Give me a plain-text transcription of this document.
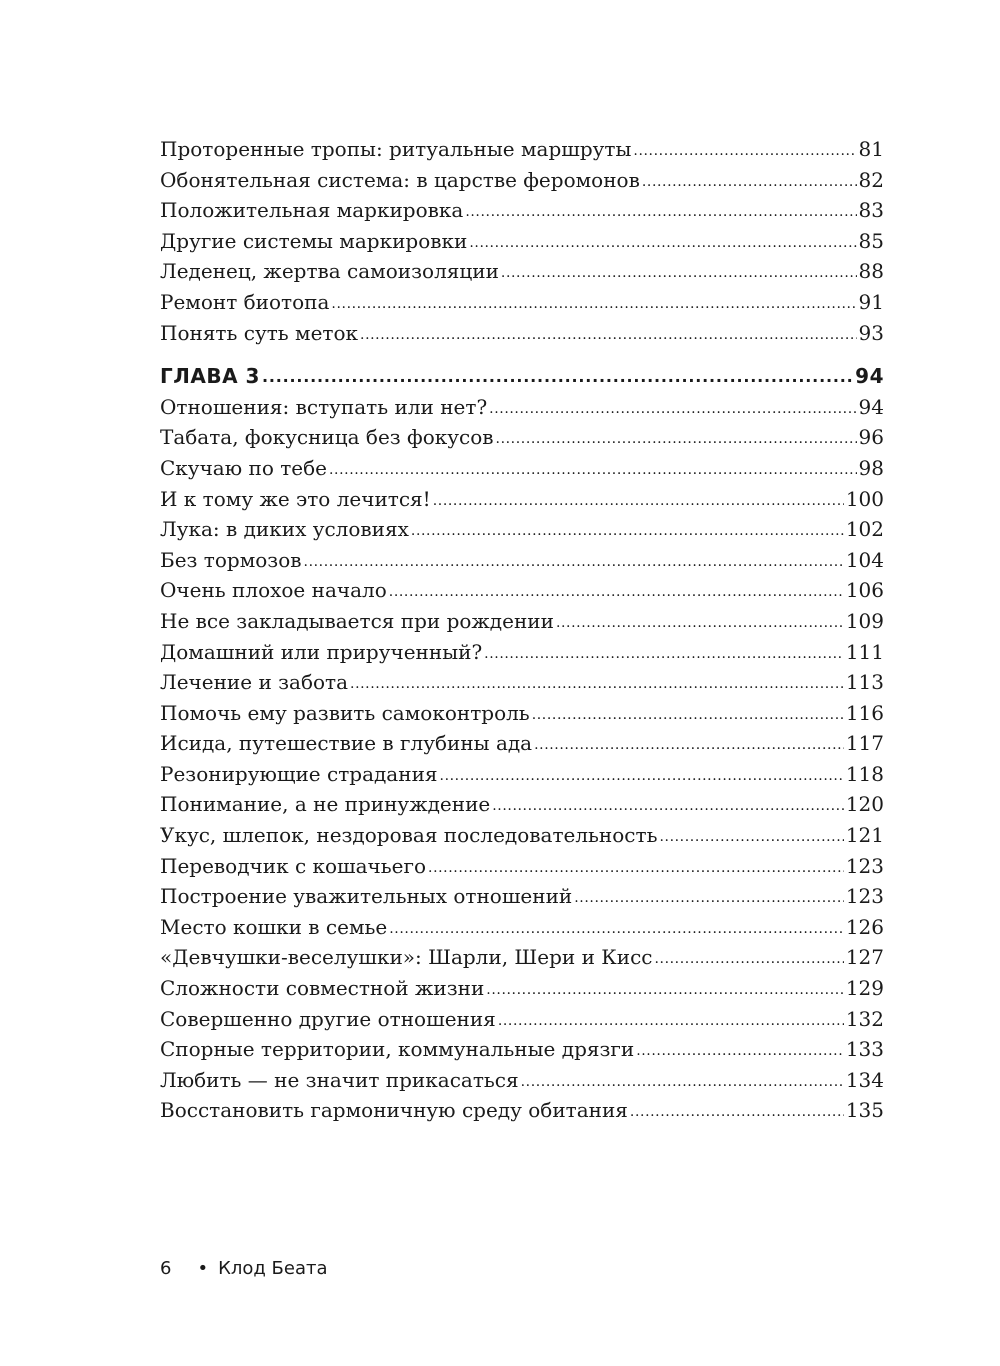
Протоpенные тропы: ритуальные маршруты .....	81
Обонятельная система: в царстве феромонов .....	82
Положительная маркировка .....	83
Другие системы маркировки .....	85
Леденец, жертва самоизоляции .....	88
Ремонт биотопа .....	91
Понять суть меток .....	93
ГЛАВА 3 .....	94
Отношения: вступать или нет? .....	94
Табата, фокусница без фокусов .....	96
Скучаю по тебе .....	98
И к тому же это лечится! .....	100
Лука: в диких условиях .....	102
Без тормозов .....	104
Очень плохое начало .....	106
Не все закладывается при рождении .....	109
Домашний или прирученный? .....	111
Лечение и забота .....	113
Помочь ему развить самоконтроль .....	116
Исида, путешествие в глубины ада .....	117
Резонирующие страдания .....	118
Понимание, а не принуждение .....	120
Укус, шлепок, нездоровая последовательность .....	121
Переводчик с кошачьего .....	123
Построение уважительных отношений .....	123
Место кошки в семье .....	126
«Девчушки-веселушки»: Шарли, Шери и Кисс .....	127
Сложности совместной жизни .....	129
Совершенно другие отношения .....	132
Спорные территории, коммунальные дрязги .....	133
Любить — не значит прикасаться .....	134
Восстановить гармоничную среду обитания .....	135
6 • Клод Беата
